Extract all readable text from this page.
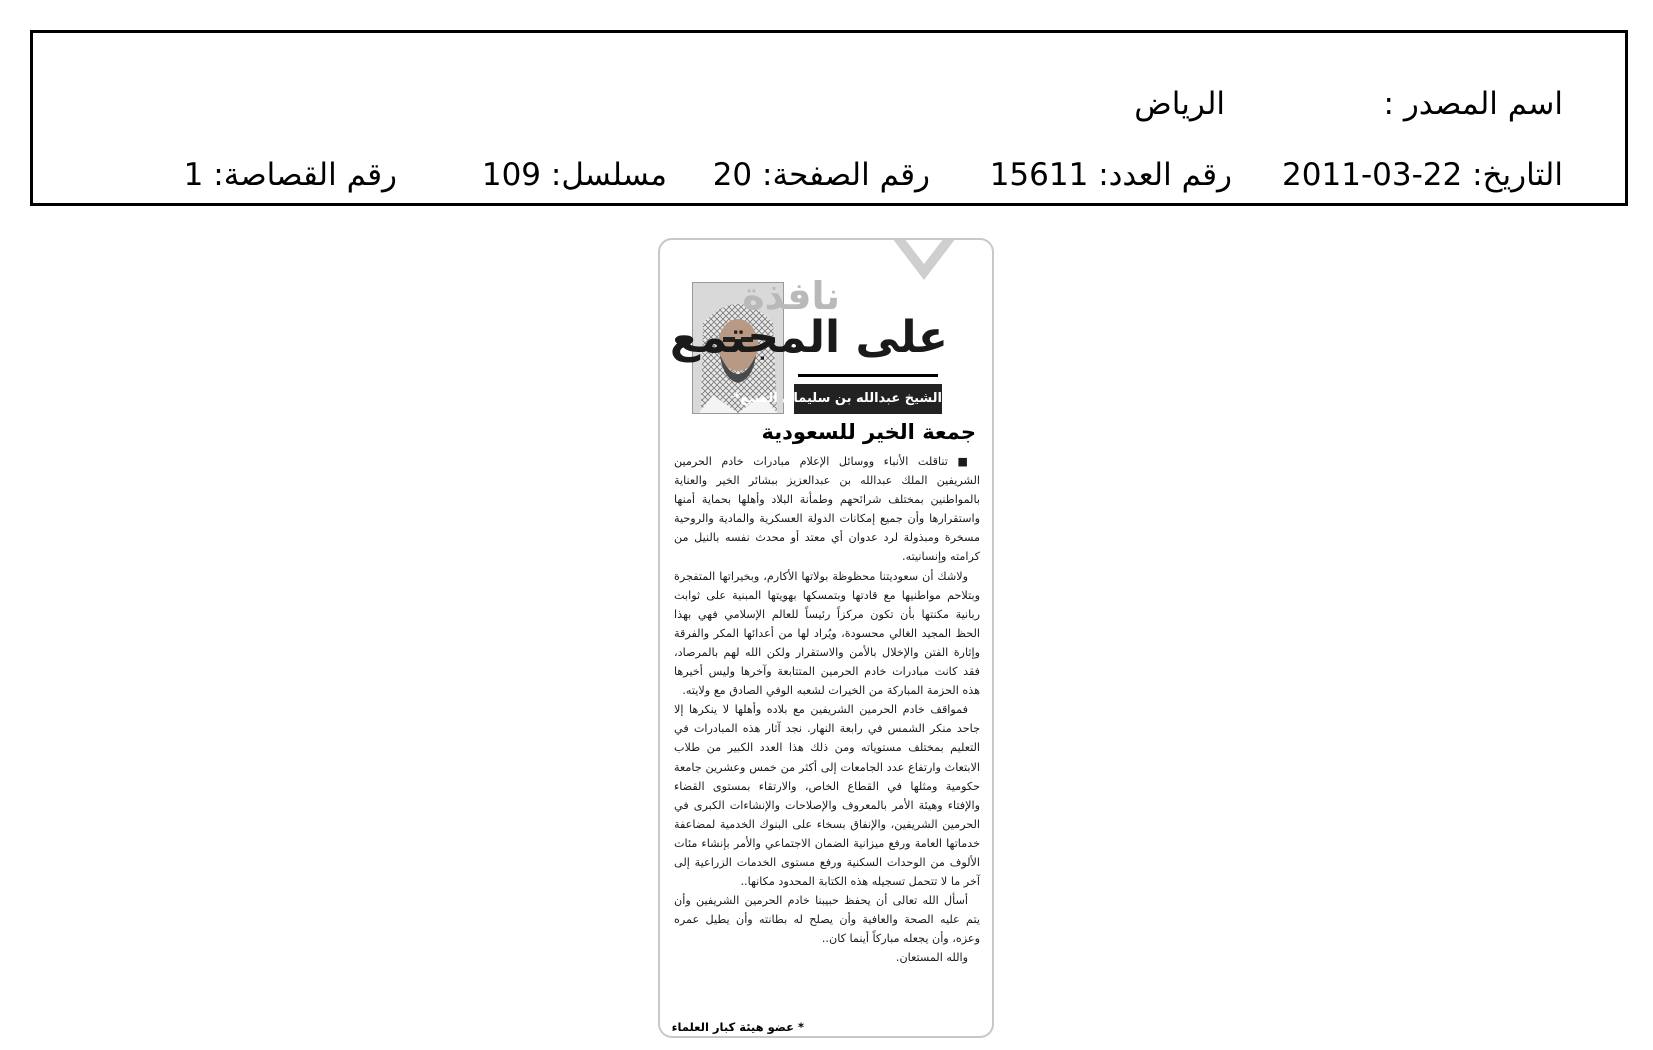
اسم المصدر :
الرياض
التاريخ: 2011-03-22
رقم العدد: 15611
رقم الصفحة: 20
مسلسل: 109
رقم القصاصة: 1
نافذة
على المجتمع
الشيخ عبدالله بن سليمان المنيع*
جمعة الخير للسعودية

■ تناقلت الأنباء ووسائل الإعلام مبادرات خادم الحرمين الشريفين الملك عبدالله بن عبدالعزيز ببشائر الخير والعناية بالمواطنين بمختلف شرائحهم وطمأنة البلاد وأهلها بحماية أمنها واستقرارها وأن جميع إمكانات الدولة العسكرية والمادية والروحية مسخرة ومبذولة لرد عدوان أي معتد أو محدث نفسه بالنيل من كرامته وإنسانيته.

ولاشك أن سعوديتنا محظوظة بولاتها الأكارم، وبخيراتها المتفجرة وبتلاحم مواطنيها مع قادتها وبتمسكها بهويتها المبنية على ثوابت ربانية مكنتها بأن تكون مركزاً رئيساً للعالم الإسلامي فهي بهذا الحظ المجيد الغالي محسودة، ويُراد لها من أعدائها المكر والفرقة وإثارة الفتن والإخلال بالأمن والاستقرار ولكن الله لهم بالمرصاد، فقد كانت مبادرات خادم الحرمين المتتابعة وآخرها وليس أخيرها هذه الحزمة المباركة من الخيرات لشعبه الوفي الصادق مع ولايته.

فمواقف خادم الحرمين الشريفين مع بلاده وأهلها لا ينكرها إلا جاحد منكر الشمس في رابعة النهار. نجد آثار هذه المبادرات في التعليم بمختلف مستوياته ومن ذلك هذا العدد الكبير من طلاب الابتعاث وارتفاع عدد الجامعات إلى أكثر من خمس وعشرين جامعة حكومية ومثلها في القطاع الخاص، والارتقاء بمستوى القضاء والإفتاء وهيئة الأمر بالمعروف والإصلاحات والإنشاءات الكبرى في الحرمين الشريفين، والإنفاق بسخاء على البنوك الخدمية لمضاعفة خدماتها العامة ورفع ميزانية الضمان الاجتماعي والأمر بإنشاء مئات الألوف من الوحدات السكنية ورفع مستوى الخدمات الزراعية إلى آخر ما لا تتحمل تسجيله هذه الكتابة المحدود مكانها..

أسأل الله تعالى أن يحفظ حبيبنا خادم الحرمين الشريفين وأن يتم عليه الصحة والعافية وأن يصلح له بطانته وأن يطيل عمره وعزه، وأن يجعله مباركاً أينما كان..

والله المستعان.

* عضو هيئة كبار العلماء
